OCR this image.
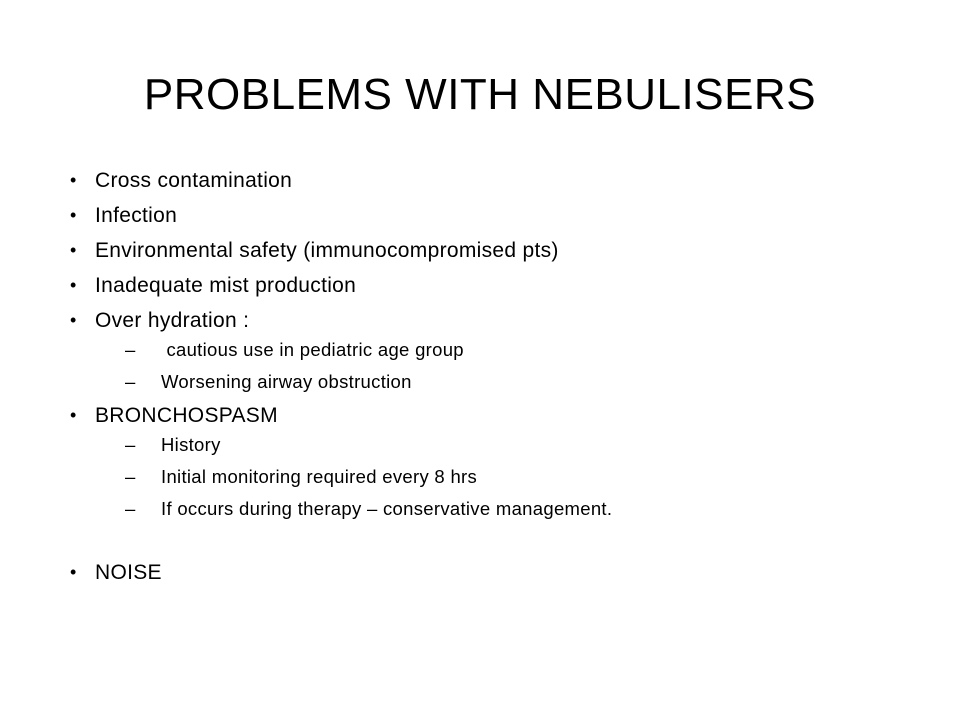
PROBLEMS WITH NEBULISERS
• Cross contamination
• Infection
• Environmental safety (immunocompromised pts)
• Inadequate mist production
• Over hydration :
– cautious use in pediatric age group
– Worsening airway obstruction
• BRONCHOSPASM
– History
– Initial monitoring required every 8 hrs
– If occurs during therapy – conservative management.
• NOISE
